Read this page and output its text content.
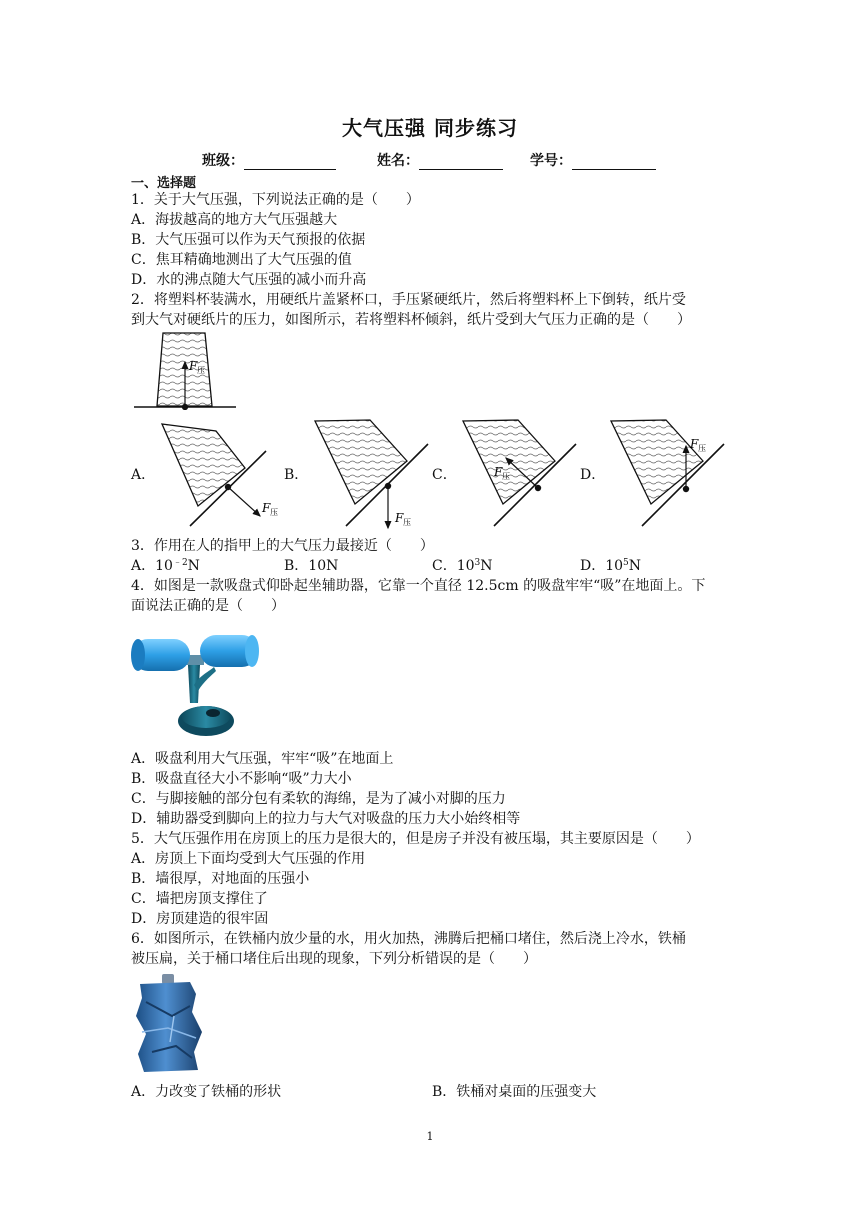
大气压强 同步练习
班级：	姓名：	学号：
一、选择题
1．关于大气压强，下列说法正确的是（　　）
A．海拔越高的地方大气压强越大
B．大气压强可以作为天气预报的依据
C．焦耳精确地测出了大气压强的值
D．水的沸点随大气压强的减小而升高
2．将塑料杯装满水，用硬纸片盖紧杯口，手压紧硬纸片，然后将塑料杯上下倒转，纸片受
到大气对硬纸片的压力，如图所示，若将塑料杯倾斜，纸片受到大气压力正确的是（　　）
F 压
A．
F 压
B．
F 压
C．	F 压	D．
F 压
3．作用在人的指甲上的大气压力最接近（　　）
A．$10^{﹣2}N$	B．10N	C．$10^3N$	D．$10^5N$
4．如图是一款吸盘式仰卧起坐辅助器，它靠一个直径 12.5cm 的吸盘牢牢“吸”在地面上。下
面说法正确的是（　　）
A．吸盘利用大气压强，牢牢“吸”在地面上
B．吸盘直径大小不影响“吸”力大小
C．与脚接触的部分包有柔软的海绵，是为了减小对脚的压力
D．辅助器受到脚向上的拉力与大气对吸盘的压力大小始终相等
5．大气压强作用在房顶上的压力是很大的，但是房子并没有被压塌，其主要原因是（　　）
A．房顶上下面均受到大气压强的作用
B．墙很厚，对地面的压强小
C．墙把房顶支撑住了
D．房顶建造的很牢固
6．如图所示，在铁桶内放少量的水，用火加热，沸腾后把桶口堵住，然后浇上冷水，铁桶
被压扁，关于桶口堵住后出现的现象，下列分析错误的是（　　）
A．力改变了铁桶的形状	B．铁桶对桌面的压强变大
1
